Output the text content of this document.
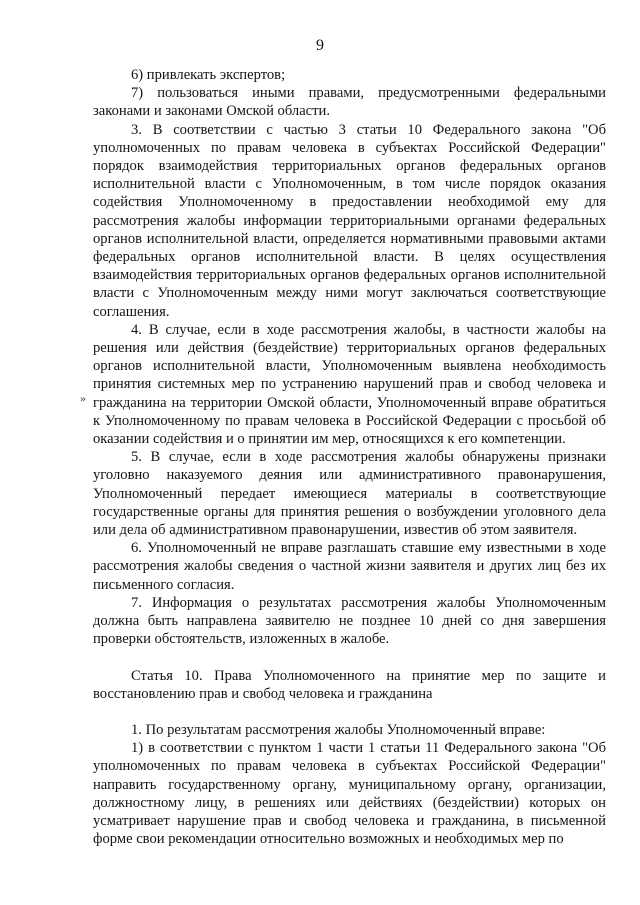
9
»

6) привлекать экспертов;

7) пользоваться иными правами, предусмотренными федеральными законами и законами Омской области.

3. В соответствии с частью 3 статьи 10 Федерального закона "Об уполномоченных по правам человека в субъектах Российской Федерации" порядок взаимодействия территориальных органов федеральных органов исполнительной власти с Уполномоченным, в том числе порядок оказания содействия Уполномоченному в предоставлении необходимой ему для рассмотрения жалобы информации территориальными органами федеральных органов исполнительной власти, определяется нормативными правовыми актами федеральных органов исполнительной власти. В целях осуществления взаимодействия территориальных органов федеральных органов исполнительной власти с Уполномоченным между ними могут заключаться соответствующие соглашения.

4. В случае, если в ходе рассмотрения жалобы, в частности жалобы на решения или действия (бездействие) территориальных органов федеральных органов исполнительной власти, Уполномоченным выявлена необходимость принятия системных мер по устранению нарушений прав и свобод человека и гражданина на территории Омской области, Уполномоченный вправе обратиться к Уполномоченному по правам человека в Российской Федерации с просьбой об оказании содействия и о принятии им мер, относящихся к его компетенции.

5. В случае, если в ходе рассмотрения жалобы обнаружены признаки уголовно наказуемого деяния или административного правонарушения, Уполномоченный передает имеющиеся материалы в соответствующие государственные органы для принятия решения о возбуждении уголовного дела или дела об административном правонарушении, известив об этом заявителя.

6. Уполномоченный не вправе разглашать ставшие ему известными в ходе рассмотрения жалобы сведения о частной жизни заявителя и других лиц без их письменного согласия.

7. Информация о результатах рассмотрения жалобы Уполномоченным должна быть направлена заявителю не позднее 10 дней со дня завершения проверки обстоятельств, изложенных в жалобе.

Статья 10. Права Уполномоченного на принятие мер по защите и восстановлению прав и свобод человека и гражданина

1. По результатам рассмотрения жалобы Уполномоченный вправе:

1) в соответствии с пунктом 1 части 1 статьи 11 Федерального закона "Об уполномоченных по правам человека в субъектах Российской Федерации" направить государственному органу, муниципальному органу, организации, должностному лицу, в решениях или действиях (бездействии) которых он усматривает нарушение прав и свобод человека и гражданина, в письменной форме свои рекомендации относительно возможных и необходимых мер по
